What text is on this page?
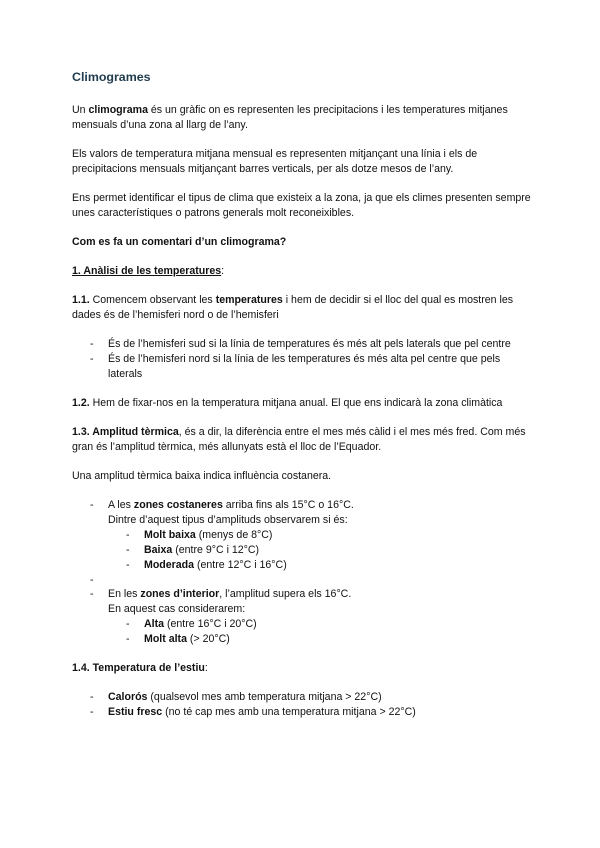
Climogrames

Un climograma és un gràfic on es representen les precipitacions i les temperatures mitjanes mensuals d’una zona al llarg de l’any.

Els valors de temperatura mitjana mensual es representen mitjançant una línia i els de precipitacions mensuals mitjançant barres verticals, per als dotze mesos de l’any.

Ens permet identificar el tipus de clima que existeix a la zona, ja que els climes presenten sempre unes característiques o patrons generals molt reconeixibles.

Com es fa un comentari d’un climograma?
1. Anàlisi de les temperatures:

1.1. Comencem observant les temperatures i hem de decidir si el lloc del qual es mostren les dades és de l’hemisferi nord o de l’hemisferi

- És de l’hemisferi sud si la línia de temperatures és més alt pels laterals que pel centre
- És de l’hemisferi nord si la línia de les temperatures és més alta pel centre que pels laterals

1.2. Hem de fixar-nos en la temperatura mitjana anual. El que ens indicarà la zona climàtica

1.3. Amplitud tèrmica, és a dir, la diferència entre el mes més càlid i el mes més fred. Com més gran és l’amplitud tèrmica, més allunyats està el lloc de l’Equador.

Una amplitud tèrmica baixa indica influència costanera.

- A les zones costaneres arriba fins als 15°C o 16°C.
Dintre d’aquest tipus d’amplituds observarem si és:
- Molt baixa (menys de 8°C)
- Baixa (entre 9°C i 12°C)
- Moderada (entre 12°C i 16°C)
-
- En les zones d’interior, l’amplitud supera els 16°C.
En aquest cas considerarem:
- Alta (entre 16°C i 20°C)
- Molt alta (> 20°C)
1.4. Temperatura de l’estiu:
- Calorós (qualsevol mes amb temperatura mitjana > 22°C)
- Estiu fresc (no té cap mes amb una temperatura mitjana > 22°C)
